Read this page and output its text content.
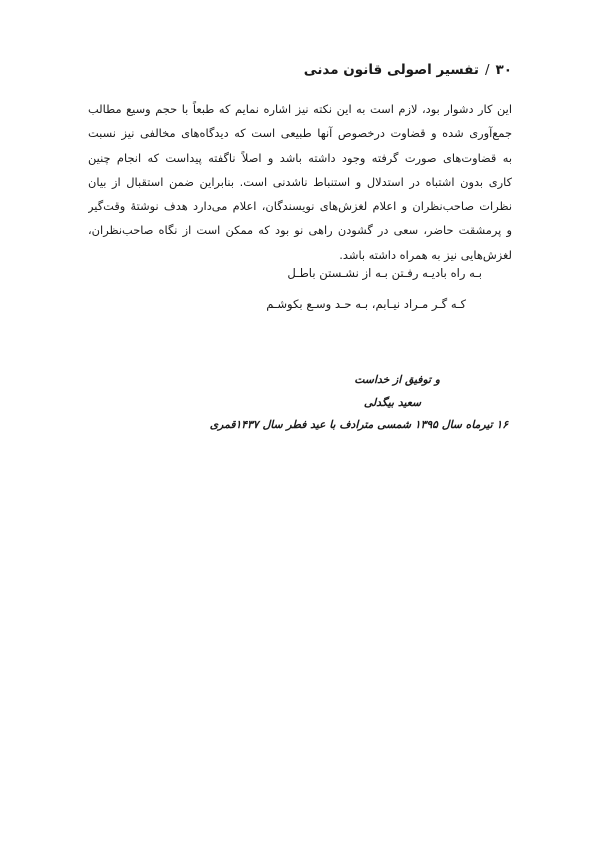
۳۰/تفسیر اصولی قانون مدنی
این کار دشوار بود، لازم است به این نکته نیز اشاره نمایم که طبعاً با حجم وسیع مطالب
جمع‌آوری شده و قضاوت درخصوص آنها طبیعی است که دیدگاه‌های مخالفی نیز نسبت
به قضاوت‌های صورت گرفته وجود داشته باشد و اصلاً ناگفته پیداست که انجام چنین
کاری بدون اشتباه در استدلال و استنباط ناشدنی است. بنابراین ضمن استقبال از بیان
نظرات صاحب‌نظران و اعلام لغزش‌های نویسندگان، اعلام می‌دارد هدف نوشتهٔ وقت‌گیر
و پرمشقت حاضر، سعی در گشودن راهی نو بود که ممکن است از نگاه صاحب‌نظران،
لغزش‌هایی نیز به همراه داشته باشد.
بـه راه بادیـه رفـتن بـه از نشـستن باطـل
کـه گـر مـراد نیـابم، بـه حـد وسـع بکوشـم
و توفیق از خداست
سعید بیگدلی
۱۶ تیرماه سال ۱۳۹۵ شمسی مترادف با عید فطر سال ۱۴۳۷قمری
